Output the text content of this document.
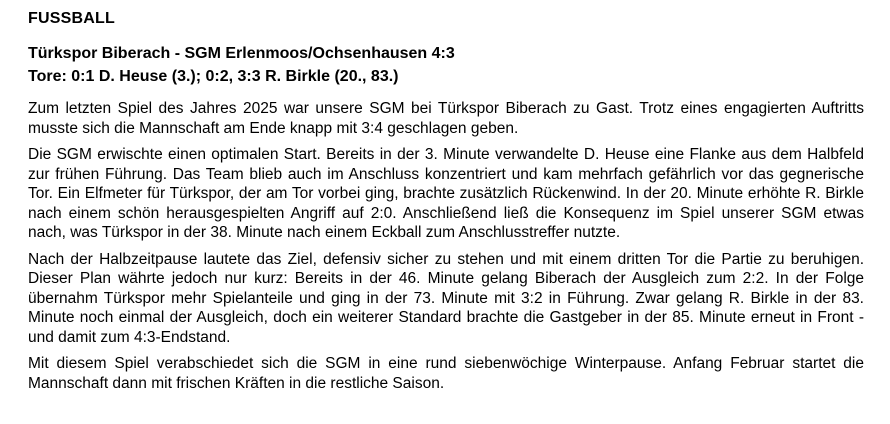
FUSSBALL
Türkspor Biberach - SGM Erlenmoos/Ochsenhausen 4:3
Tore: 0:1 D. Heuse (3.); 0:2, 3:3 R. Birkle (20., 83.)

Zum letzten Spiel des Jahres 2025 war unsere SGM bei Türkspor Biberach zu Gast. Trotz eines engagierten Auftritts musste sich die Mannschaft am Ende knapp mit 3:4 geschlagen geben.

Die SGM erwischte einen optimalen Start. Bereits in der 3. Minute verwandelte D. Heuse eine Flanke aus dem Halbfeld zur frühen Führung. Das Team blieb auch im Anschluss konzentriert und kam mehrfach gefährlich vor das gegnerische Tor. Ein Elfmeter für Türkspor, der am Tor vorbei ging, brachte zusätzlich Rückenwind. In der 20. Minute erhöhte R. Birkle nach einem schön herausgespielten Angriff auf 2:0. Anschließend ließ die Konsequenz im Spiel unserer SGM etwas nach, was Türkspor in der 38. Minute nach einem Eckball zum Anschlusstreffer nutzte.

Nach der Halbzeitpause lautete das Ziel, defensiv sicher zu stehen und mit einem dritten Tor die Partie zu beruhigen. Dieser Plan währte jedoch nur kurz: Bereits in der 46. Minute gelang Biberach der Ausgleich zum 2:2. In der Folge übernahm Türkspor mehr Spielanteile und ging in der 73. Minute mit 3:2 in Führung. Zwar gelang R. Birkle in der 83. Minute noch einmal der Ausgleich, doch ein weiterer Standard brachte die Gastgeber in der 85. Minute erneut in Front - und damit zum 4:3-Endstand.

Mit diesem Spiel verabschiedet sich die SGM in eine rund siebenwöchige Winterpause. Anfang Februar startet die Mannschaft dann mit frischen Kräften in die restliche Saison.
